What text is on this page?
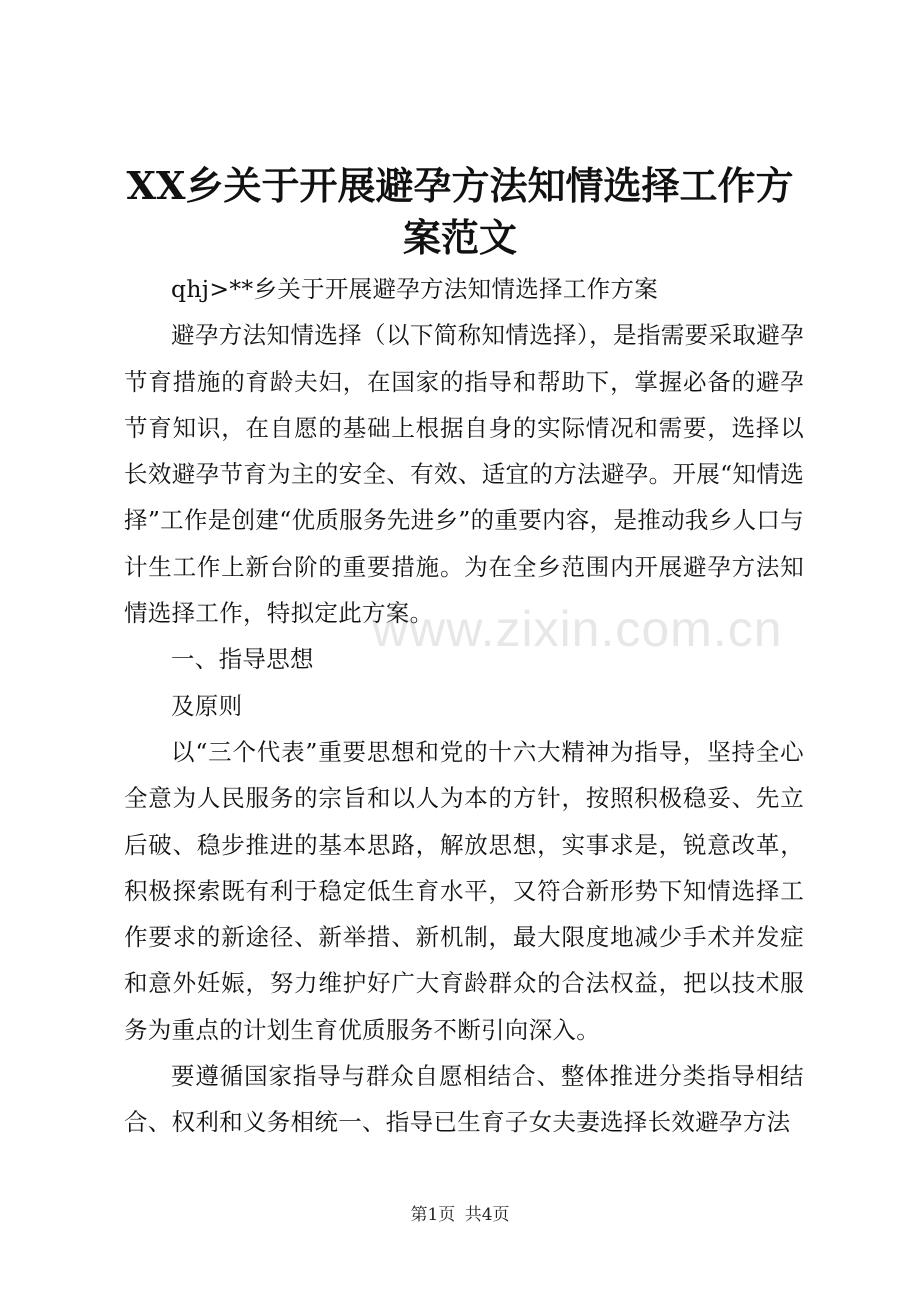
XX乡关于开展避孕方法知情选择工作方案范文

qhj>**乡关于开展避孕方法知情选择工作方案

避孕方法知情选择（以下简称知情选择），是指需要采取避孕节育措施的育龄夫妇，在国家的指导和帮助下，掌握必备的避孕节育知识，在自愿的基础上根据自身的实际情况和需要，选择以长效避孕节育为主的安全、有效、适宜的方法避孕。开展“知情选择”工作是创建“优质服务先进乡”的重要内容，是推动我乡人口与计生工作上新台阶的重要措施。为在全乡范围内开展避孕方法知情选择工作，特拟定此方案。

一、指导思想

及原则

以“三个代表”重要思想和党的十六大精神为指导，坚持全心全意为人民服务的宗旨和以人为本的方针，按照积极稳妥、先立后破、稳步推进的基本思路，解放思想，实事求是，锐意改革，积极探索既有利于稳定低生育水平，又符合新形势下知情选择工作要求的新途径、新举措、新机制，最大限度地减少手术并发症和意外妊娠，努力维护好广大育龄群众的合法权益，把以技术服务为重点的计划生育优质服务不断引向深入。

要遵循国家指导与群众自愿相结合、整体推进分类指导相结合、权利和义务相统一、指导已生育子女夫妻选择长效避孕方法

www.zixin.com.cn
第1页 共4页
